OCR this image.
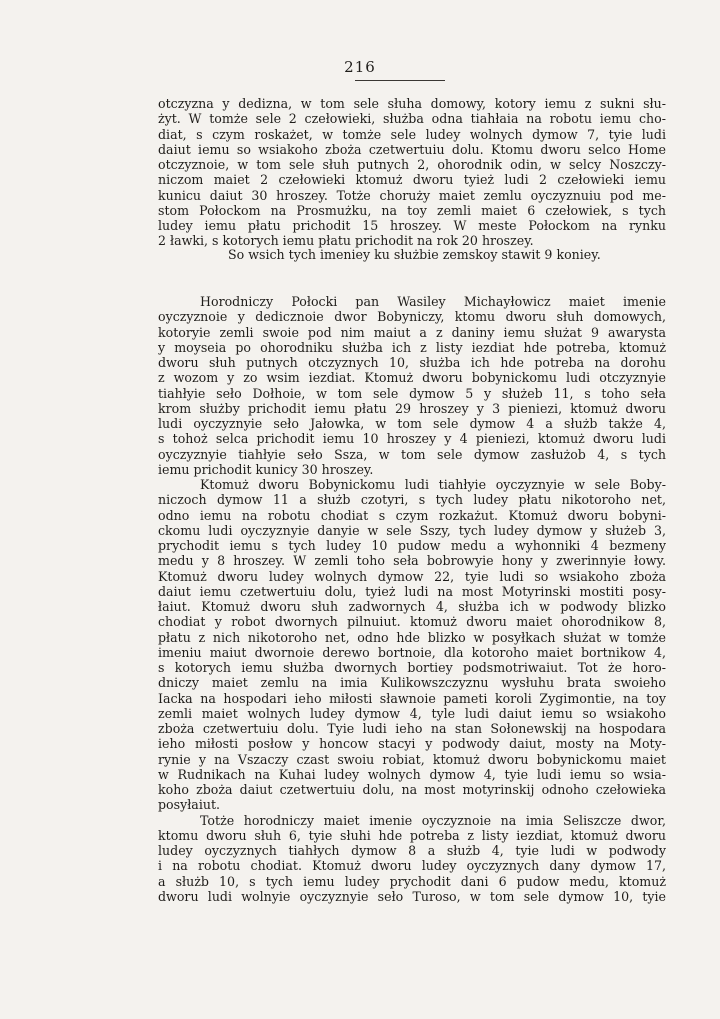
216
otczyzna y dedizna, w tom sele słuha domowy, kotory iemu z sukni słu-
żyt. W tomże sele 2 czełowieki, służba odna tiahłaia na robotu iemu cho-
diat, s czym roskażet, w tomże sele ludey wolnych dymow 7, tyie ludi
daiut iemu so wsiakoho zboża czetwertuiu dolu. Ktomu dworu selco Home
otczyznoie, w tom sele słuh putnych 2, ohorodnik odin, w selcy Noszczy-
niczom maiet 2 czełowieki ktomuż dworu tyież ludi 2 czełowieki iemu
kunicu daiut 30 hroszey. Totże choruży maiet zemlu oyczyznuiu pod me-
stom Połockom na Prosmużku, na toy zemli maiet 6 czełowiek, s tych
ludey iemu płatu prichodit 15 hroszey. W meste Połockom na rynku
2 ławki, s kotorych iemu płatu prichodit na rok 20 hroszey.
So wsich tych imeniey ku służbie zemskoy stawit 9 koniey.
Horodniczy Połocki pan Wasiley Michayłowicz maiet imenie
oyczyznoie y dedicznoie dwor Bobyniczy, ktomu dworu słuh domowych,
kotoryie zemli swoie pod nim maiut a z daniny iemu służat 9 awarysta
y moyseia po ohorodniku służba ich z listy iezdiat hde potreba, ktomuż
dworu słuh putnych otczyznych 10, służba ich hde potreba na dorohu
z wozom y zo wsim iezdiat. Ktomuż dworu bobynickomu ludi otczyznyie
tiahłyie seło Dołhoie, w tom sele dymow 5 y służeb 11, s toho seła
krom służby prichodit iemu płatu 29 hroszey y 3 pieniezi, ktomuż dworu
ludi oyczyznyie seło Jałowka, w tom sele dymow 4 a służb także 4,
s tohoż selca prichodit iemu 10 hroszey y 4 pieniezi, ktomuż dworu ludi
oyczyznyie tiahłyie seło Ssza, w tom sele dymow zasłużob 4, s tych
iemu prichodit kunicy 30 hroszey.
Ktomuż dworu Bobynickomu ludi tiahłyie oyczyznyie w sele Boby-
niczoch dymow 11 a służb czotyri, s tych ludey płatu nikotoroho net,
odno iemu na robotu chodiat s czym rozkażut. Ktomuż dworu bobyni-
ckomu ludi oyczyznyie danyie w sele Sszy, tych ludey dymow y służeb 3,
prychodit iemu s tych ludey 10 pudow medu a wyhonniki 4 bezmeny
medu y 8 hroszey. W zemli toho seła bobrowyie hony y zwerinnyie łowy.
Ktomuż dworu ludey wolnych dymow 22, tyie ludi so wsiakoho zboża
daiut iemu czetwertuiu dolu, tyież ludi na most Motyrinski mostiti posy-
łaiut. Ktomuż dworu słuh zadwornych 4, służba ich w podwody blizko
chodiat y robot dwornych pilnuiut. ktomuż dworu maiet ohorodnikow 8,
płatu z nich nikotoroho net, odno hde blizko w posyłkach służat w tomże
imeniu maiut dwornoie derewo bortnoie, dla kotoroho maiet bortnikow 4,
s kotorych iemu służba dwornych bortiey podsmotriwaiut. Tot że horo-
dniczy maiet zemlu na imia Kulikowszczyznu wysłuhu brata swoieho
Iacka na hospodari ieho miłosti sławnoie pameti koroli Zygimontie, na toy
zemli maiet wolnych ludey dymow 4, tyle ludi daiut iemu so wsiakoho
zboża czetwertuiu dolu. Tyie ludi ieho na stan Sołonewskij na hospodara
ieho miłosti posłow y honcow stacyi y podwody daiut, mosty na Moty-
rynie y na Vszaczy czast swoiu robiat, ktomuż dworu bobynickomu maiet
w Rudnikach na Kuhai ludey wolnych dymow 4, tyie ludi iemu so wsia-
koho zboża daiut czetwertuiu dolu, na most motyrinskij odnoho czełowieka
posyłaiut.
Totże horodniczy maiet imenie oyczyznoie na imia Seliszcze dwor,
ktomu dworu słuh 6, tyie słuhi hde potreba z listy iezdiat, ktomuż dworu
ludey oyczyznych tiahłych dymow 8 a służb 4, tyie ludi w podwody
i na robotu chodiat. Ktomuż dworu ludey oyczyznych dany dymow 17,
a służb 10, s tych iemu ludey prychodit dani 6 pudow medu, ktomuż
dworu ludi wolnyie oyczyznyie seło Turoso, w tom sele dymow 10, tyie
